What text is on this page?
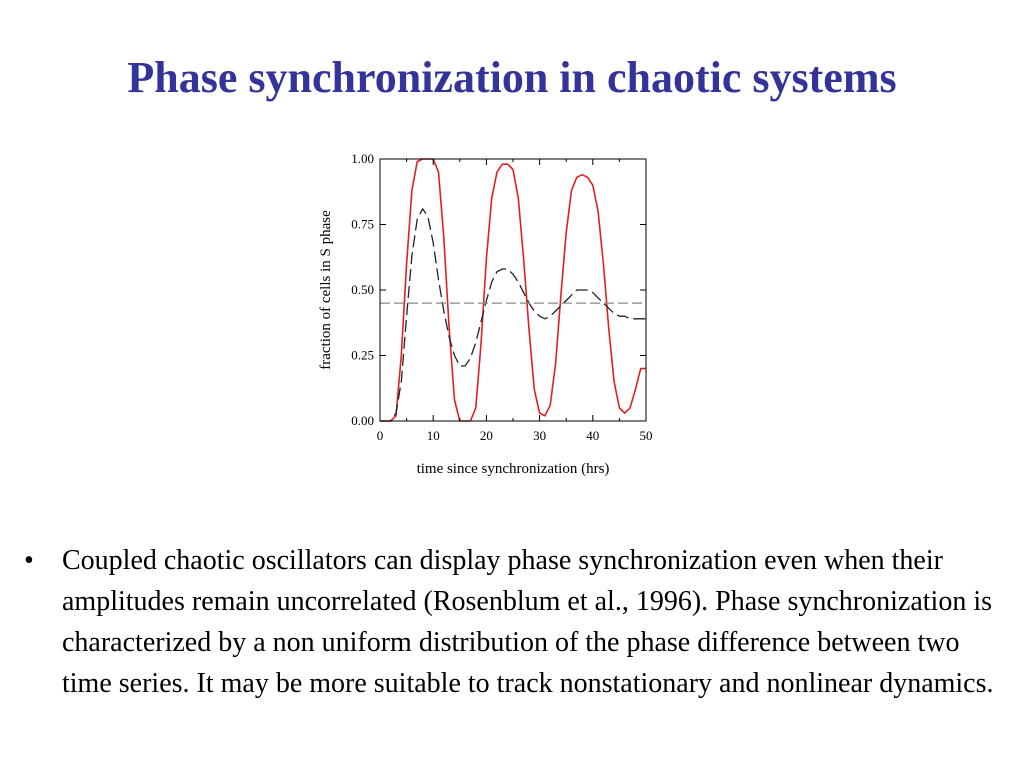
Phase synchronization in chaotic systems
0	10	20	30	40	50
0.00
0.25
0.50
0.75
1.00
time since synchronization (hrs)
fraction of cells in S phase
• Coupled chaotic oscillators can display phase synchronization even when their amplitudes remain uncorrelated (Rosenblum et al., 1996). Phase synchronization is characterized by a non uniform distribution of the phase difference between two time series. It may be more suitable to track nonstationary and nonlinear dynamics.
